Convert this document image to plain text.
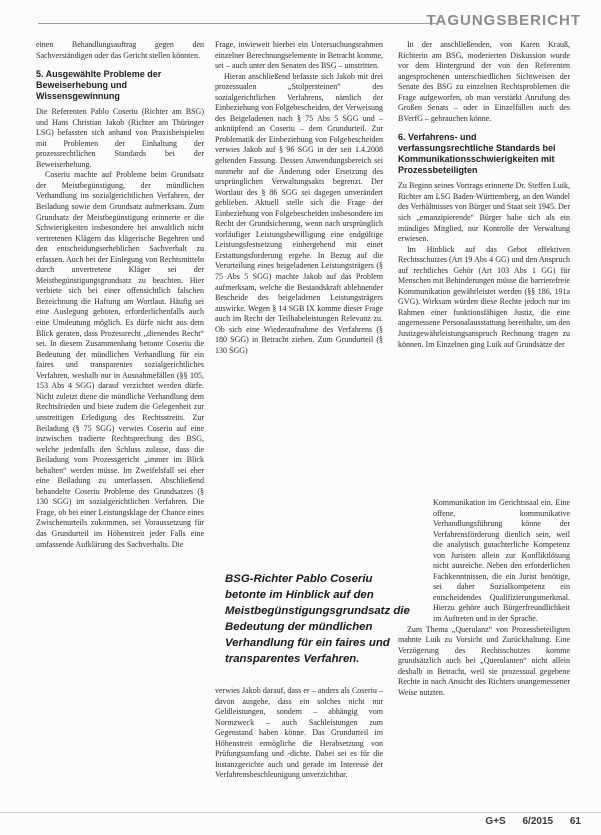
TAGUNGSBERICHT

einen Behandlungsauftrag gegen den Sachverständigen oder das Gericht stellen könnten.

5. Ausgewählte Probleme der Beweiserhebung und Wissensgewinnung

Die Referenten Pablo Coseriu (Richter am BSG) und Hans Christian Jakob (Richter am Thüringer LSG) befassten sich anhand von Praxisbeispielen mit Problemen der Einhaltung der prozessrechtlichen Standards bei der Beweiserhebung.

Coseriu machte auf Probleme beim Grundsatz der Meistbegünstigung, der mündlichen Verhandlung im sozialgerichtlichen Verfahren, der Beiladung sowie dem Grundsatz aufmerksam. Zum Grundsatz der Meistbegünstigung erinnerte er die Schwierigkeiten insbesondere bei anwaltlich nicht vertretenen Klägern das klägerische Begehren und den entscheidungserheblichen Sachverhalt zu erfassen. Auch bei der Einlegung von Rechtsmitteln durch unvertretene Kläger sei der Meistbegünstigungsgrundsatz zu beachten. Hier verbiete sich bei einer offensichtlich falschen Bezeichnung die Haftung am Wortlaut. Häufig sei eine Auslegung geboten, erforderlichenfalls auch eine Umdeutung möglich. Es dürfe nicht aus dem Blick geraten, dass Prozessrecht „dienendes Recht“ sei. In diesem Zusammenhang betonte Coseriu die Bedeutung der mündlichen Verhandlung für ein faires und transparentes sozialgerichtliches Verfahren, weshalb nur in Ausnahmefällen (§§ 105, 153 Abs 4 SGG) darauf verzichtet werden dürfe. Nicht zuletzt diene die mündliche Verhandlung dem Rechtsfrieden und biete zudem die Gelegenheit zur unstreitigen Erledigung des Rechtsstreits. Zur Beiladung (§ 75 SGG) verwies Coseriu auf eine inzwischen tradierte Rechtsprechung des BSG, welche jedenfalls den Schluss zulasse, dass die Beiladung vom Prozessgericht „immer im Blick behalten“ werden müsse. Im Zweifelsfall sei eher eine Beiladung zu unterlassen. Abschließend behandelte Coseriu Probleme des Grundsatzes (§ 130 SGG) im sozialgerichtlichen Verfahren. Die Frage, ob bei einer Leistungsklage der Chance eines Zwischenurteils zukommen, sei Voraussetzung für das Grundurteil im Höhenstreit jeder Falls eine umfassende Aufklärung des Sachverhalts. Die

Frage, inwieweit hierbei ein Untersuchungsrahmen einzelner Berechnungselemente in Betracht komme, sei – auch unter den Senaten des BSG – umstritten.

Hieran anschließend befasste sich Jakob mit drei prozessualen „Stolpersteinen“ des sozialgerichtlichen Verfahrens, nämlich der Einbeziehung von Folgebescheiden, der Verweisung des Beigeladenen nach § 75 Abs 5 SGG und – anknüpfend an Coseriu – dem Grundurteil. Zur Problematik der Einbeziehung von Folgebescheiden verwies Jakob auf § 96 SGG in der seit 1.4.2008 geltenden Fassung. Dessen Anwendungsbereich sei nunmehr auf die Änderung oder Ersetzung des ursprünglichen Verwaltungsakts begrenzt. Der Wortlaut des § 86 SGG sei dagegen unverändert geblieben. Aktuell stelle sich die Frage der Einbeziehung von Folgebescheiden insbesondere im Recht der Grundsicherung, wenn nach ursprünglich vorläufiger Leistungsbewilligung eine endgültige Leistungsfestsetzung einhergehend mit einer Erstattungsforderung ergehe. In Bezug auf die Verurteilung eines beigeladenen Leistungsträgers (§ 75 Abs 5 SGG) machte Jakob auf das Problem aufmerksam, welche die Bestandskraft ablehnender Bescheide des beigeladenen Leistungsträgers auswirke. Wegen § 14 SGB IX komme dieser Frage auch im Recht der Teilhabeleistungen Relevanz zu. Ob sich eine Wiederaufnahme des Verfahrens (§ 180 SGG) in Betracht ziehen. Zum Grundurteil (§ 130 SGG)

BSG-Richter Pablo Coseriu betonte im Hinblick auf den Meistbegünstigungsgrundsatz die Bedeutung der mündlichen Verhandlung für ein faires und transparentes Verfahren.

verwies Jakob darauf, dass er – anders als Coseriu – davon ausgehe, dass ein solches nicht nur Geldleistungen, sondern – abhängig vom Normzweck – auch Sachleistungen zum Gegenstand haben könne. Das Grundurteil im Höhenstreit ermögliche die Herabsetzung von Prüfungsumfang und -dichte. Dabei sei es für die Instanzgerichte auch und gerade im Interesse der Verfahrensbeschleunigung unverzichtbar.

In der anschließenden, von Karen Krauß, Richterin am BSG, moderierten Diskussion wurde vor dem Hintergrund der von den Referenten angesprochenen unterschiedlichen Sichtweisen der Senate des BSG zu einzelnen Rechtsproblemen die Frage aufgeworfen, ob man verstärkt Anrufung des Großen Senats – oder in Einzelfällen auch des BVerfG – gebrauchen könne.

6. Verfahrens- und verfassungsrechtliche Standards bei Kommunikationsschwierigkeiten mit Prozessbeteiligten

Zu Beginn seines Vortrags erinnerte Dr. Steffen Luik, Richter am LSG Baden-Württemberg, an den Wandel des Verhältnisses von Bürger und Staat seit 1945. Der sich „emanzipierende“ Bürger habe sich als ein mündiges Mitglied, nur Kontrolle der Verwaltung erwiesen.

Im Hinblick auf das Gebot effektiven Rechtsschutzes (Art 19 Abs 4 GG) und den Anspruch auf rechtliches Gehör (Art 103 Abs 1 GG) für Menschen mit Behinderungen müsse die barrierefreie Kommunikation gewährleistet werden (§§ 186, 191a GVG). Wirksam würden diese Rechte jedoch nur im Rahmen einer funktionsfähigen Justiz, die eine angemessene Personalausstattung bereithalte, um den Justizgewährleistungsanspruch Rechnung tragen zu können. Im Einzelnen ging Luik auf Grundsätze der

Kommunikation im Gerichtssaal ein. Eine offene, kommunikative Verhandlungsführung könne der Verfahrensförderung dienlich sein, weil die analytisch gutachterliche Kompetenz von Juristen allein zur Konfliktlösung nicht ausreiche. Neben den erforderlichen Fachkenntnissen, die ein Jurist benötige, sei daher Sozialkompetenz ein entscheidendes Qualifizierungsmerkmal. Hierzu gehöre auch Bürgerfreundlichkeit im Auftreten und in der Sprache.

Zum Thema „Querulanz“ von Prozessbeteiligten mahnte Luik zu Vorsicht und Zurückhaltung. Eine Verzögerung des Rechtsschutzes komme grundsätzlich auch bei „Querulanten“ nicht allein deshalb in Betracht, weil sie prozessual gegebene Rechte in nach Ansicht des Richters unangemessener Weise nutzten.

G+S 6/2015 61
